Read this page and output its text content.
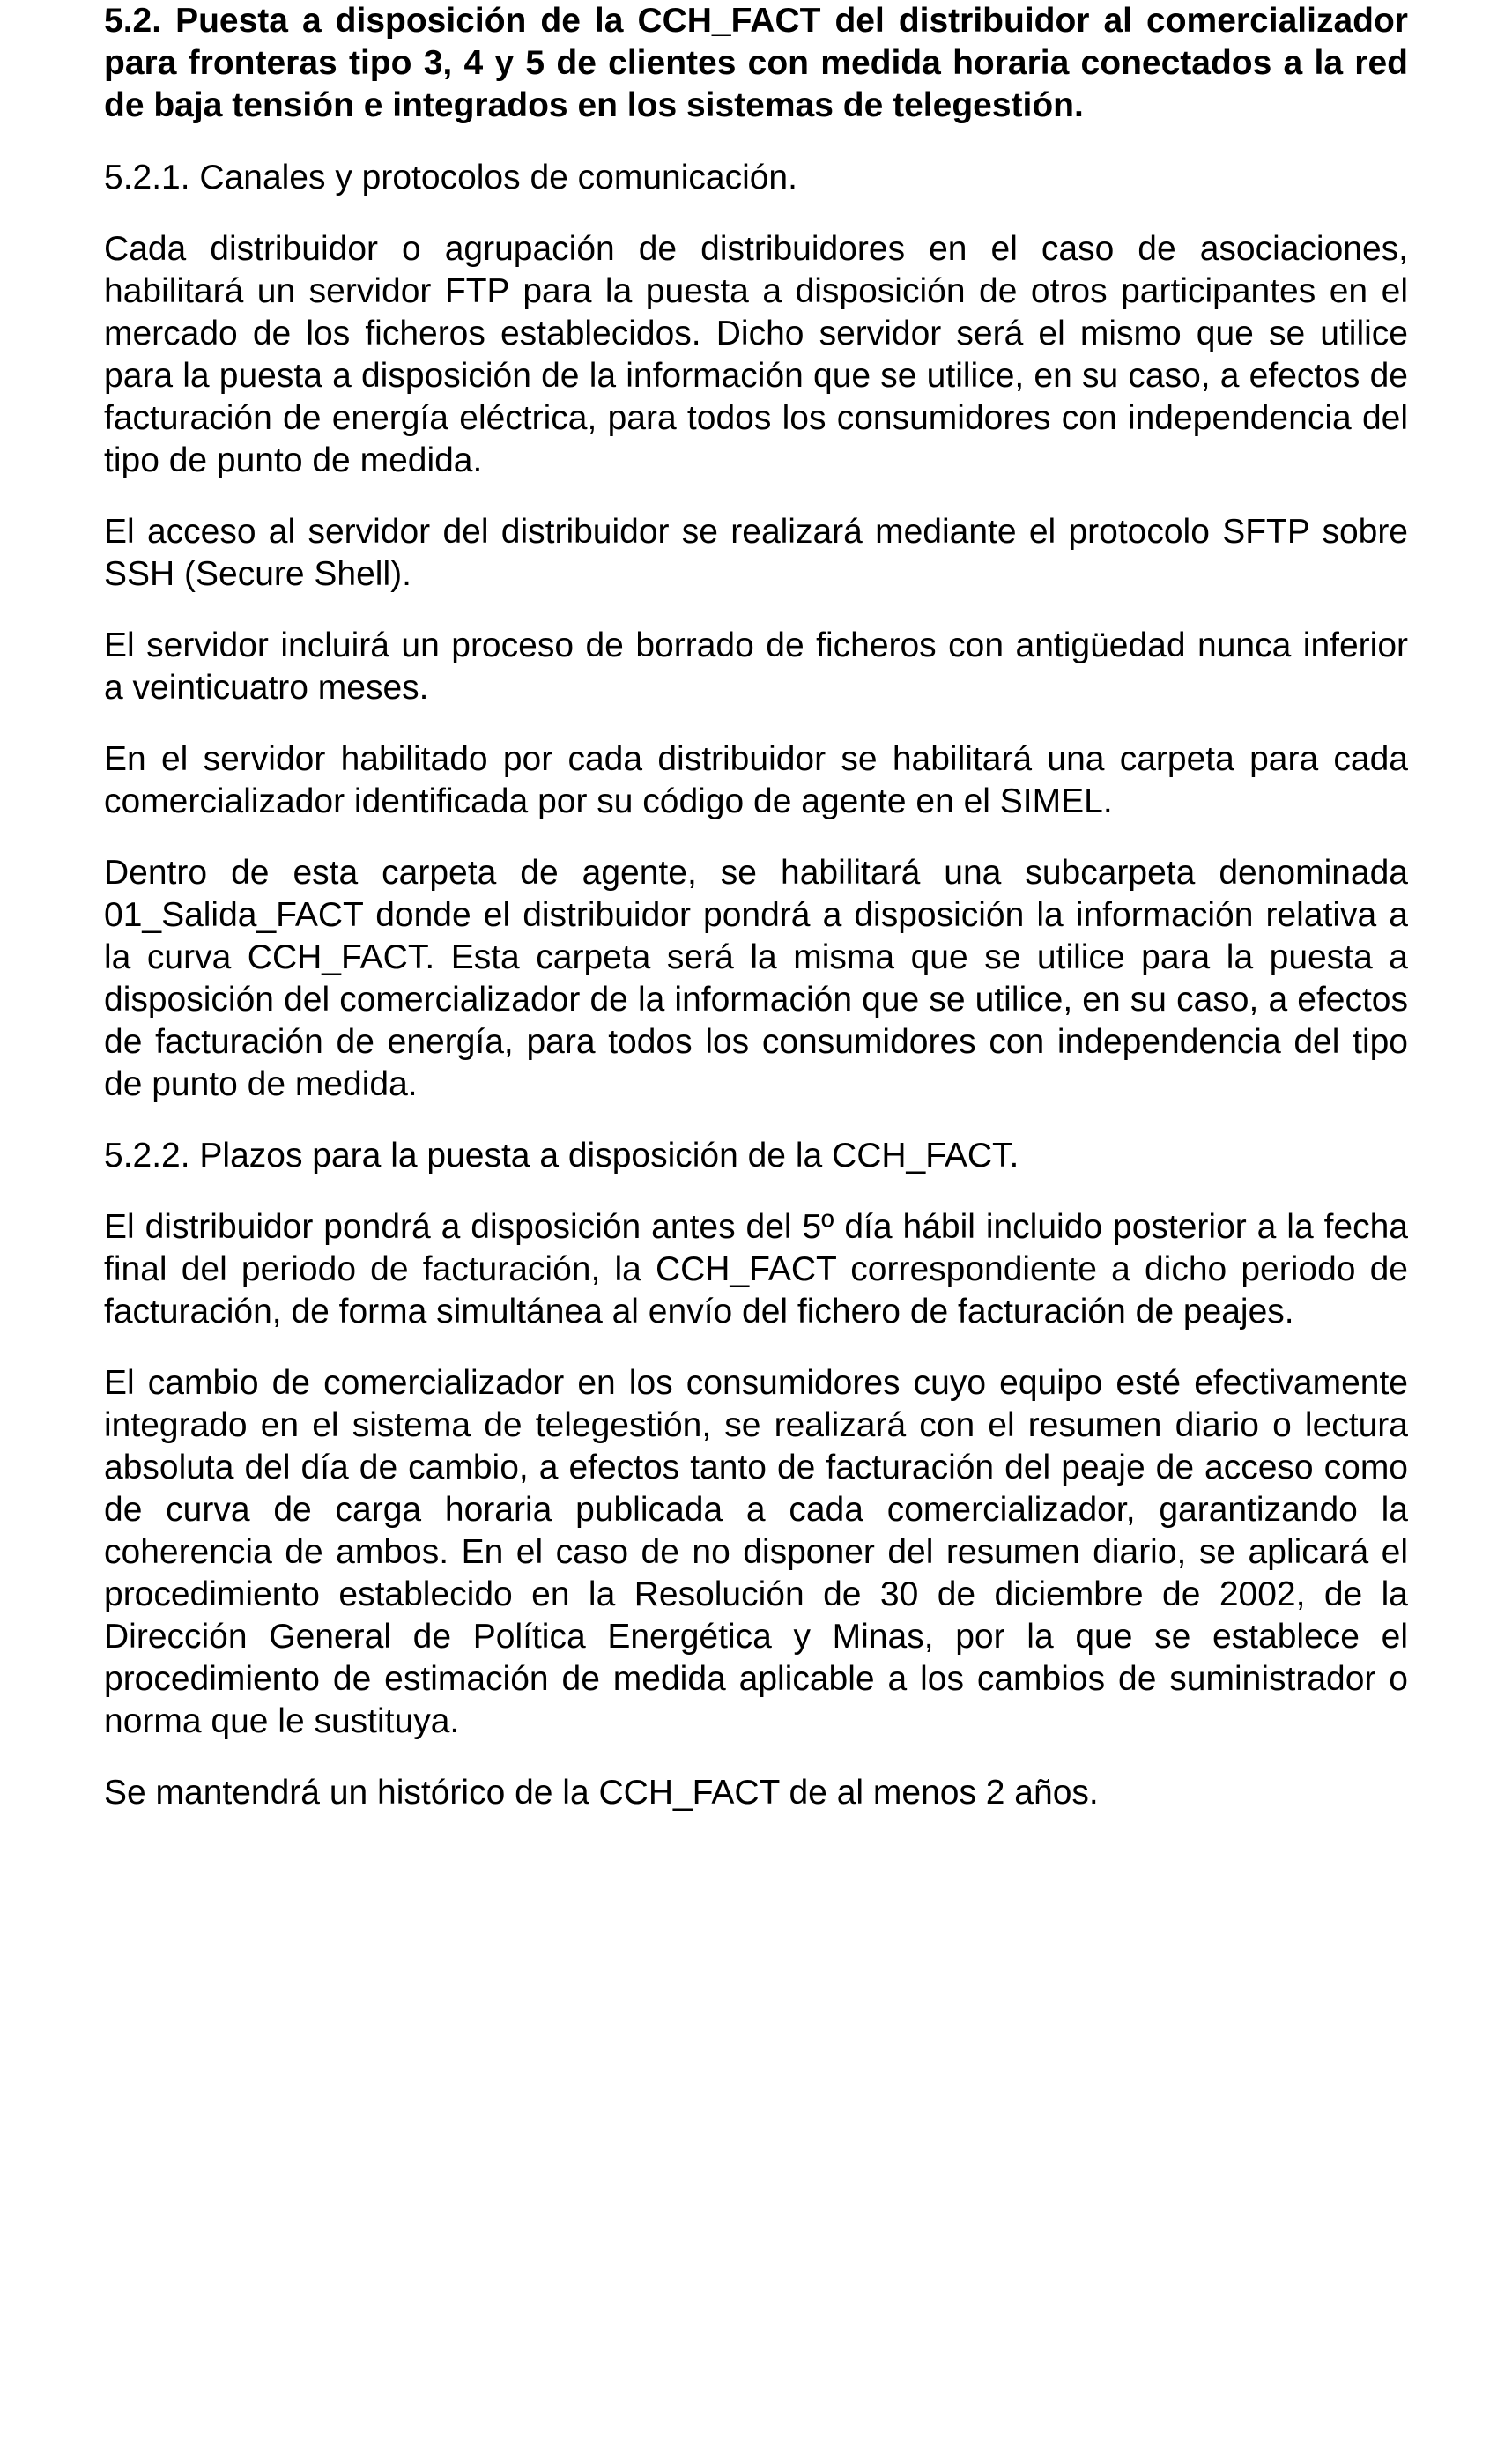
5.2. Puesta a disposición de la CCH_FACT del distribuidor al comercializador para fronteras tipo 3, 4 y 5 de clientes con medida horaria conectados a la red de baja tensión e integrados en los sistemas de telegestión.

5.2.1. Canales y protocolos de comunicación.

Cada distribuidor o agrupación de distribuidores en el caso de asociaciones, habilitará un servidor FTP para la puesta a disposición de otros participantes en el mercado de los ficheros establecidos. Dicho servidor será el mismo que se utilice para la puesta a disposición de la información que se utilice, en su caso, a efectos de facturación de energía eléctrica, para todos los consumidores con independencia del tipo de punto de medida.

El acceso al servidor del distribuidor se realizará mediante el protocolo SFTP sobre SSH (Secure Shell).

El servidor incluirá un proceso de borrado de ficheros con antigüedad nunca inferior a veinticuatro meses.

En el servidor habilitado por cada distribuidor se habilitará una carpeta para cada comercializador identificada por su código de agente en el SIMEL.

Dentro de esta carpeta de agente, se habilitará una subcarpeta denominada 01_Salida_FACT donde el distribuidor pondrá a disposición la información relativa a la curva CCH_FACT. Esta carpeta será la misma que se utilice para la puesta a disposición del comercializador de la información que se utilice, en su caso, a efectos de facturación de energía, para todos los consumidores con independencia del tipo de punto de medida.

5.2.2. Plazos para la puesta a disposición de la CCH_FACT.

El distribuidor pondrá a disposición antes del 5º día hábil incluido posterior a la fecha final del periodo de facturación, la CCH_FACT correspondiente a dicho periodo de facturación, de forma simultánea al envío del fichero de facturación de peajes.

El cambio de comercializador en los consumidores cuyo equipo esté efectivamente integrado en el sistema de telegestión, se realizará con el resumen diario o lectura absoluta del día de cambio, a efectos tanto de facturación del peaje de acceso como de curva de carga horaria publicada a cada comercializador, garantizando la coherencia de ambos. En el caso de no disponer del resumen diario, se aplicará el procedimiento establecido en la Resolución de 30 de diciembre de 2002, de la Dirección General de Política Energética y Minas, por la que se establece el procedimiento de estimación de medida aplicable a los cambios de suministrador o norma que le sustituya.

Se mantendrá un histórico de la CCH_FACT de al menos 2 años.
